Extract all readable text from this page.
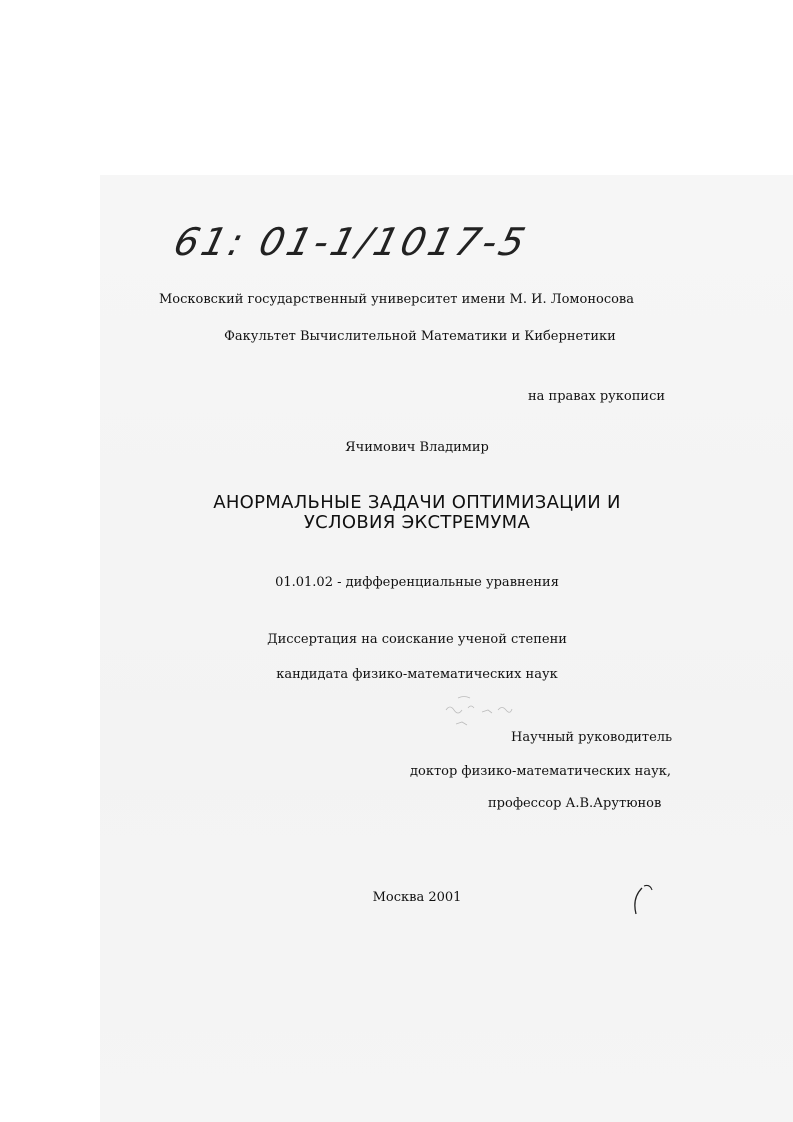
61: 01-1/1017-5
Московский государственный университет имени М. И. Ломоносова
Факультет Вычислительной Математики и Кибернетики
на правах рукописи
Ячимович Владимир
АНОРМАЛЬНЫЕ ЗАДАЧИ ОПТИМИЗАЦИИ И
УСЛОВИЯ ЭКСТРЕМУМА
01.01.02 - дифференциальные уравнения
Диссертация на соискание ученой степени
кандидата физико-математических наук
Научный руководитель
доктор физико-математических наук,
профессор А.В.Арутюнов
Москва 2001
